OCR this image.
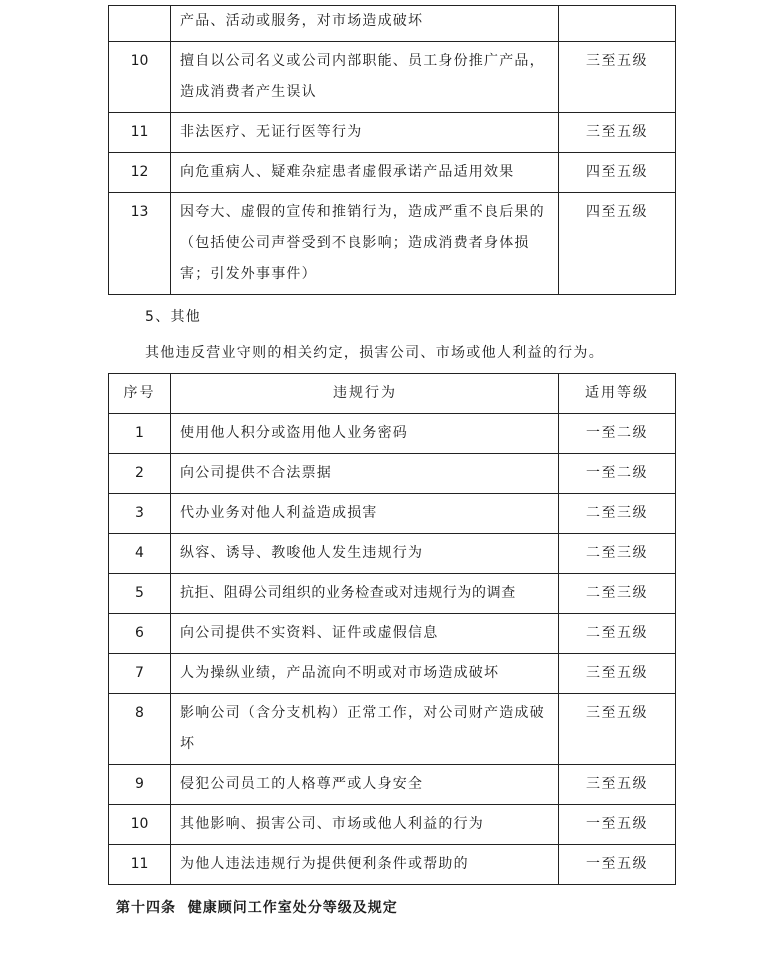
	产品、活动或服务，对市场造成破坏	
10	擅自以公司名义或公司内部职能、员工身份推广产品，造成消费者产生误认	三至五级
11	非法医疗、无证行医等行为	三至五级
12	向危重病人、疑难杂症患者虚假承诺产品适用效果	四至五级
13	因夸大、虚假的宣传和推销行为，造成严重不良后果的（包括使公司声誉受到不良影响；造成消费者身体损害；引发外事事件）	四至五级
5、其他
其他违反营业守则的相关约定，损害公司、市场或他人利益的行为。
序号	违规行为	适用等级
1	使用他人积分或盗用他人业务密码	一至二级
2	向公司提供不合法票据	一至二级
3	代办业务对他人利益造成损害	二至三级
4	纵容、诱导、教唆他人发生违规行为	二至三级
5	抗拒、阻碍公司组织的业务检查或对违规行为的调查	二至三级
6	向公司提供不实资料、证件或虚假信息	二至五级
7	人为操纵业绩，产品流向不明或对市场造成破坏	三至五级
8	影响公司（含分支机构）正常工作，对公司财产造成破坏	三至五级
9	侵犯公司员工的人格尊严或人身安全	三至五级
10	其他影响、损害公司、市场或他人利益的行为	一至五级
11	为他人违法违规行为提供便利条件或帮助的	一至五级
第十四条  健康顾问工作室处分等级及规定
